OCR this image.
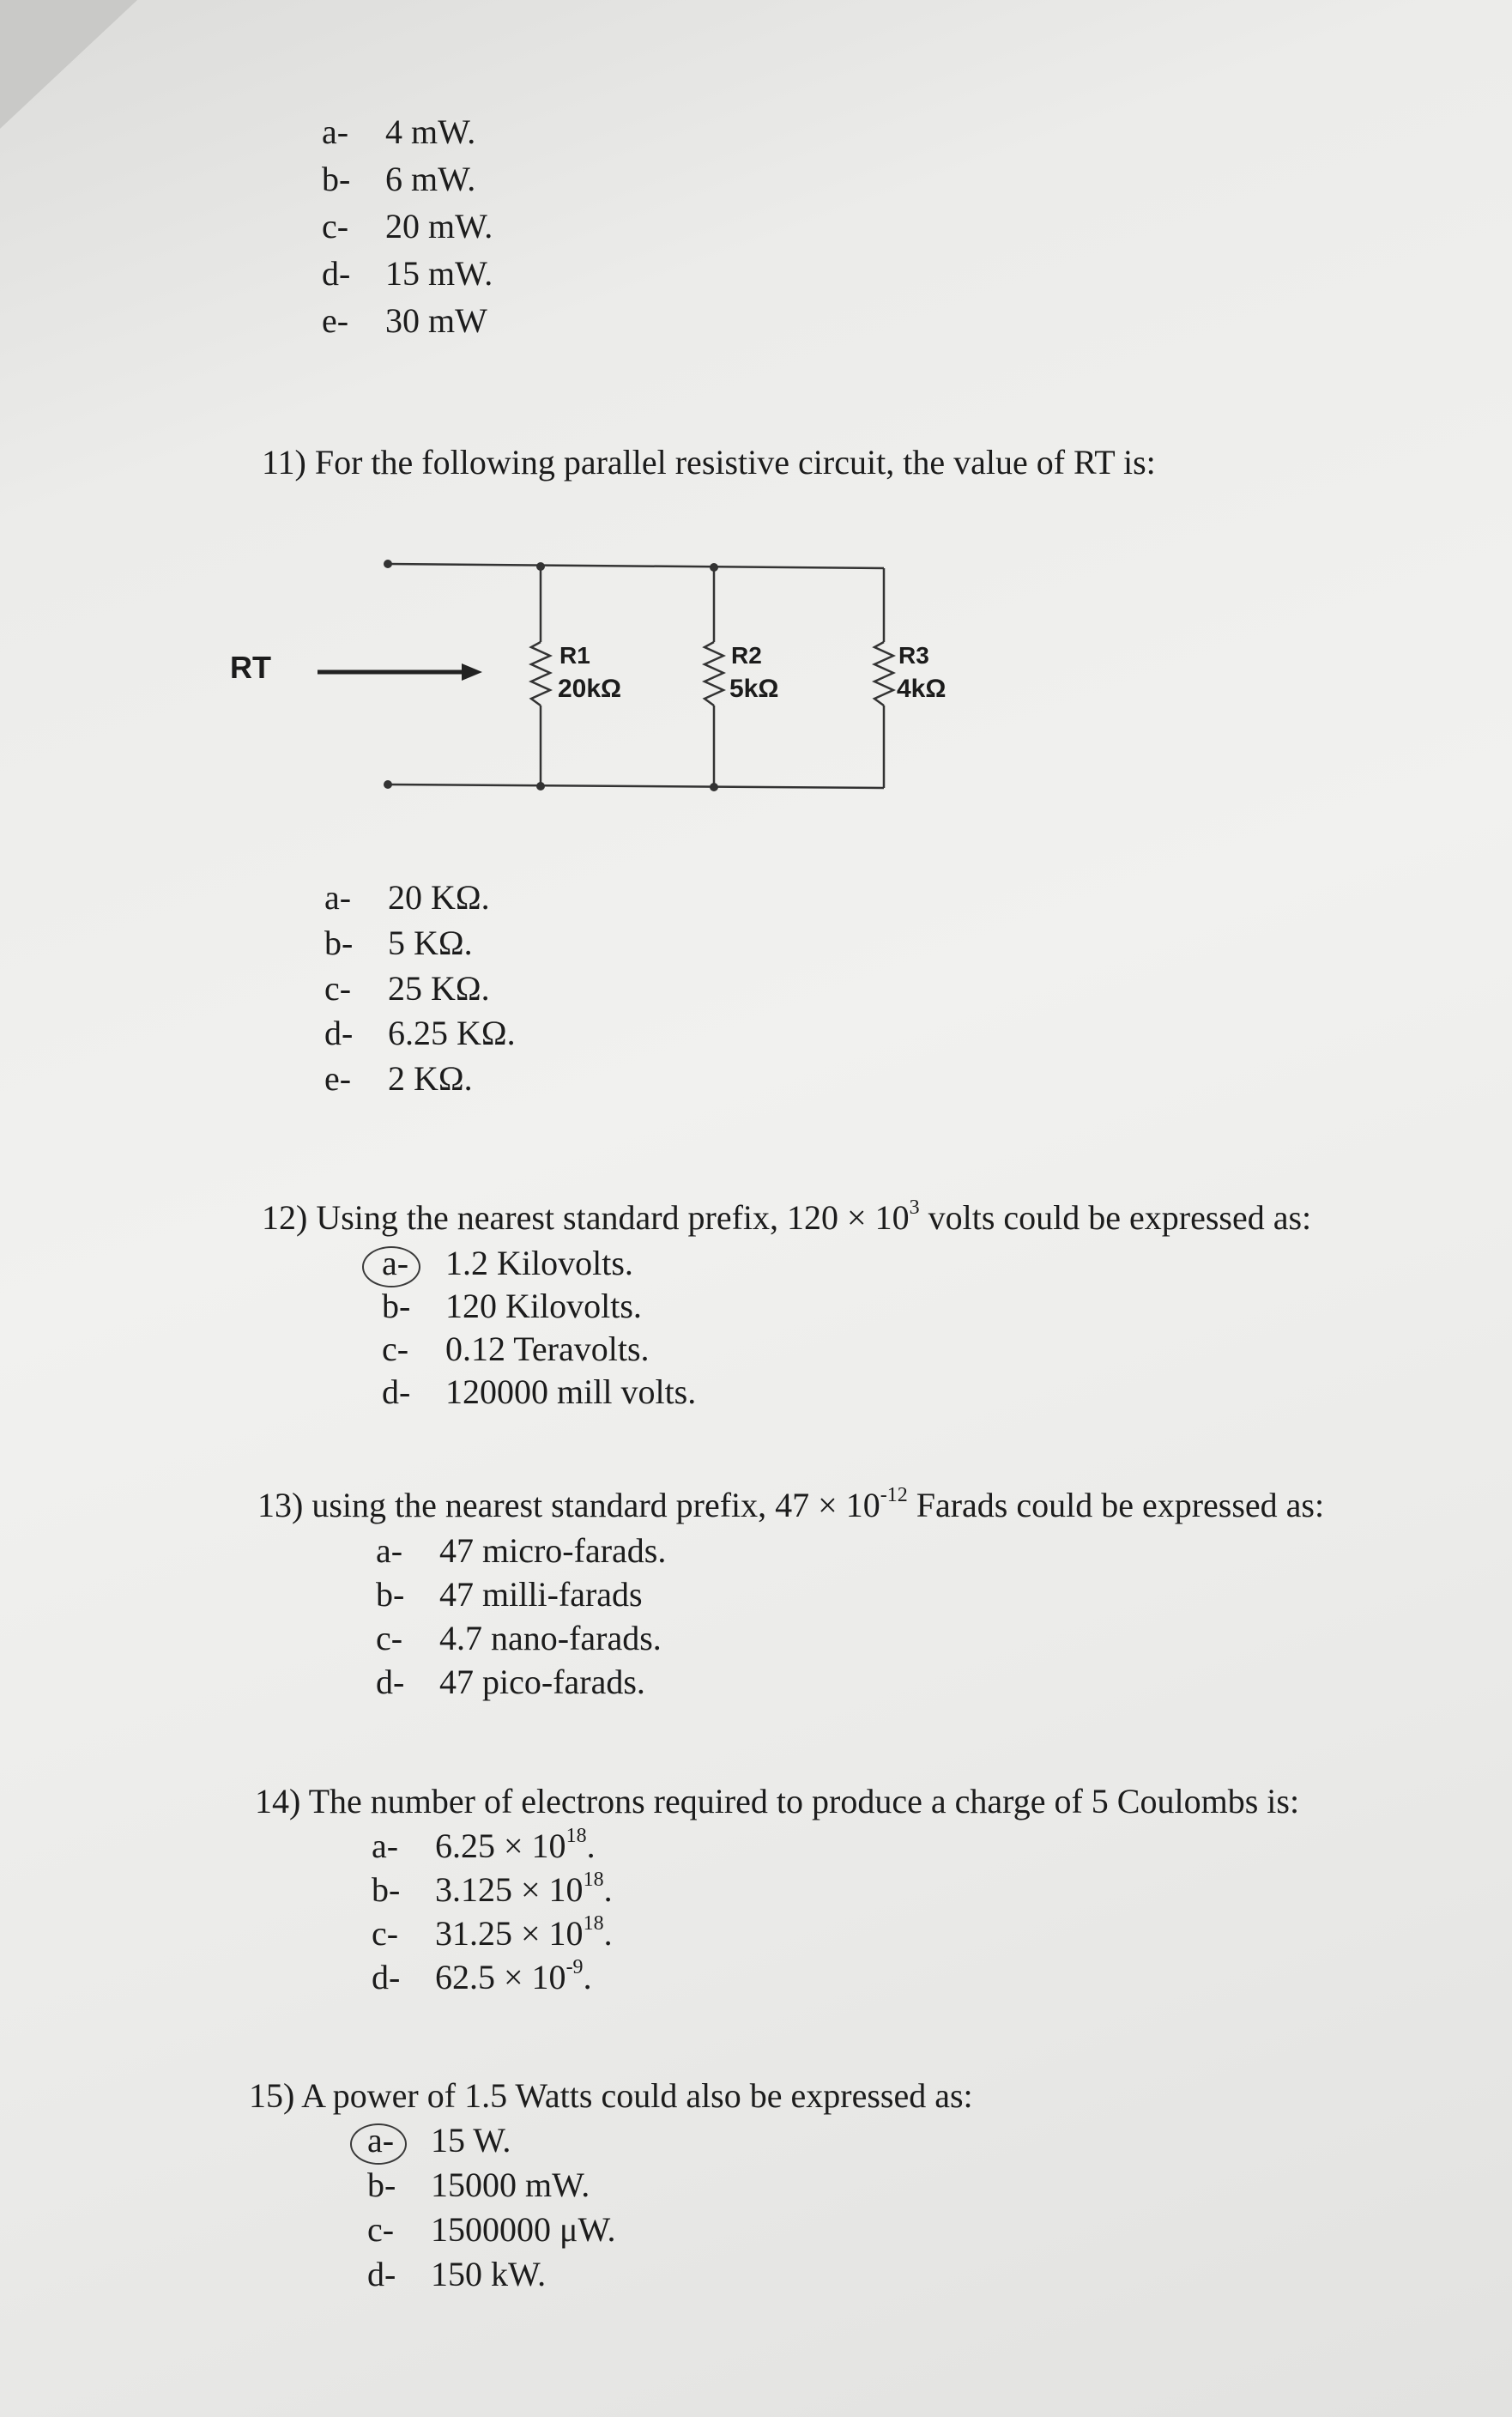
a- 4 mW.
b- 6 mW.
c- 20 mW.
d- 15 mW.
e- 30 mW
11) For the following parallel resistive circuit, the value of RT is:
RT	R1
20kΩ
R2
5kΩ
R3
4kΩ
a- 20 KΩ.
b- 5 KΩ.
c- 25 KΩ.
d- 6.25 KΩ.
e- 2 KΩ.
12) Using the nearest standard prefix, $120 \times 10^3$ volts could be expressed as:
a- 1.2 Kilovolts.
b- 120 Kilovolts.
c- 0.12 Teravolts.
d- 120000 mill volts.
13) using the nearest standard prefix, $47 \times 10^{-12}$ Farads could be expressed as:
a- 47 micro-farads.
b- 47 milli-farads
c- 4.7 nano-farads.
d- 47 pico-farads.
14) The number of electrons required to produce a charge of 5 Coulombs is:
a- $6.25 \times 10^{18}$.
b- $3.125 \times 10^{18}$.
c- $31.25 \times 10^{18}$.
d- $62.5 \times 10^{-9}$.
15) A power of 1.5 Watts could also be expressed as:
a- 15 W.
b- 15000 mW.
c- 1500000 μW.
d- 150 kW.
